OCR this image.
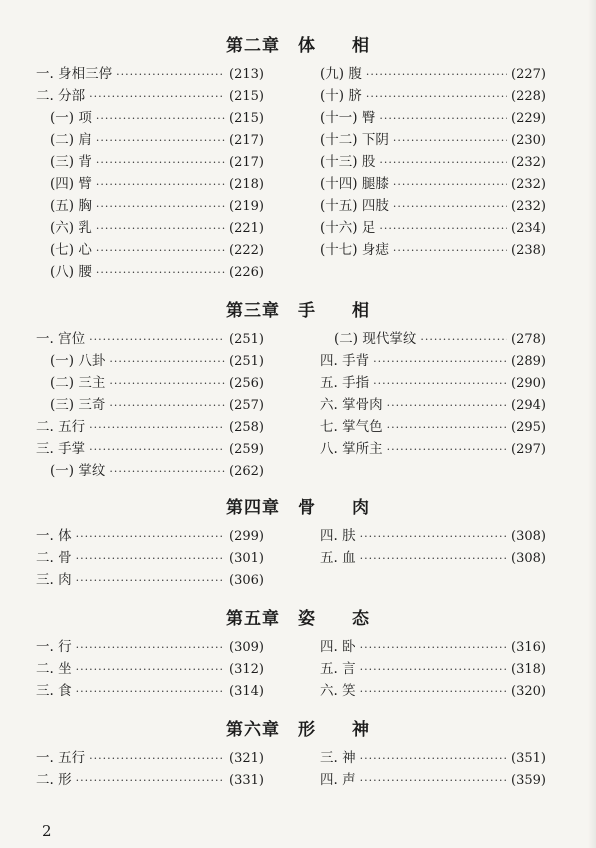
第二章　体　　相
一. 身相三停 ·····	(213)
二. 分部 ·····	(215)
(一) 项 ·····	(215)
(二) 肩 ·····	(217)
(三) 背 ·····	(217)
(四) 臂 ·····	(218)
(五) 胸 ·····	(219)
(六) 乳 ·····	(221)
(七) 心 ·····	(222)
(八) 腰 ·····	(226)
(九) 腹 ·····	(227)
(十) 脐 ·····	(228)
(十一) 臀 ·····	(229)
(十二) 下阴 ·····	(230)
(十三) 股 ·····	(232)
(十四) 腿膝 ·····	(232)
(十五) 四肢 ·····	(232)
(十六) 足 ·····	(234)
(十七) 身痣 ·····	(238)
第三章　手　　相
一. 宫位 ·····	(251)
(一) 八卦 ·····	(251)
(二) 三主 ·····	(256)
(三) 三奇 ·····	(257)
二. 五行 ·····	(258)
三. 手掌 ·····	(259)
(一) 掌纹 ·····	(262)
(二) 现代掌纹 ·····	(278)
四. 手背 ·····	(289)
五. 手指 ·····	(290)
六. 掌骨肉 ·····	(294)
七. 掌气色 ·····	(295)
八. 掌所主 ·····	(297)
第四章　骨　　肉
一. 体 ·····	(299)
二. 骨 ·····	(301)
三. 肉 ·····	(306)
四. 肤 ·····	(308)
五. 血 ·····	(308)
第五章　姿　　态
一. 行 ·····	(309)
二. 坐 ·····	(312)
三. 食 ·····	(314)
四. 卧 ·····	(316)
五. 言 ·····	(318)
六. 笑 ·····	(320)
第六章　形　　神
一. 五行 ·····	(321)
二. 形 ·····	(331)
三. 神 ·····	(351)
四. 声 ·····	(359)
2
